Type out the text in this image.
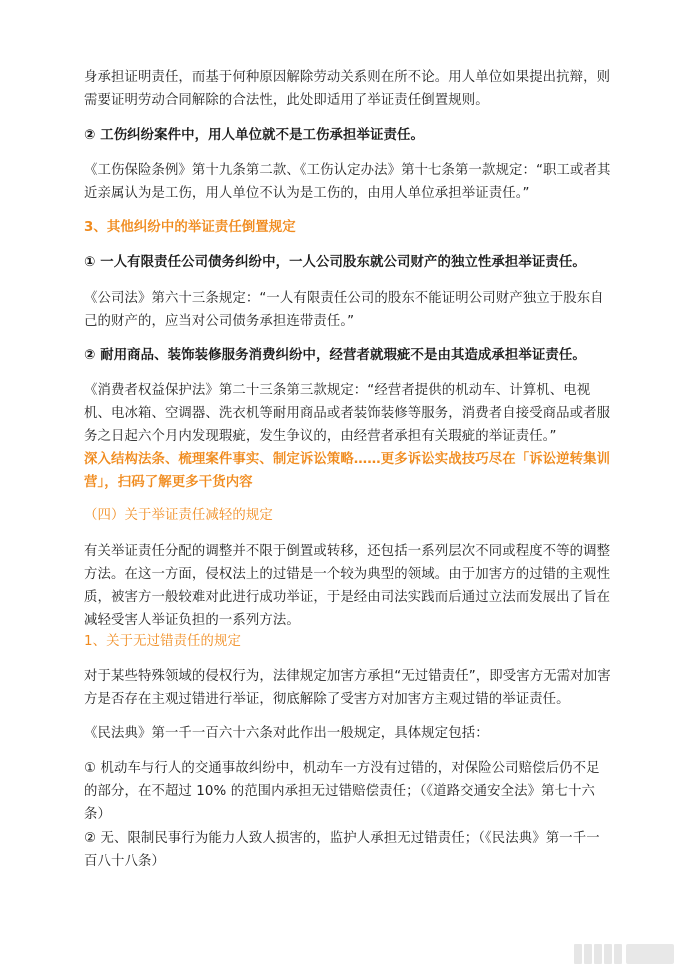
身承担证明责任，而基于何种原因解除劳动关系则在所不论。用人单位如果提出抗辩，则需要证明劳动合同解除的合法性，此处即适用了举证责任倒置规则。
② 工伤纠纷案件中，用人单位就不是工伤承担举证责任。
《工伤保险条例》第十九条第二款、《工伤认定办法》第十七条第一款规定：“职工或者其近亲属认为是工伤，用人单位不认为是工伤的，由用人单位承担举证责任。”
3、其他纠纷中的举证责任倒置规定
① 一人有限责任公司债务纠纷中，一人公司股东就公司财产的独立性承担举证责任。
《公司法》第六十三条规定：“一人有限责任公司的股东不能证明公司财产独立于股东自己的财产的，应当对公司债务承担连带责任。”
② 耐用商品、装饰装修服务消费纠纷中，经营者就瑕疵不是由其造成承担举证责任。
《消费者权益保护法》第二十三条第三款规定：“经营者提供的机动车、计算机、电视机、电冰箱、空调器、洗衣机等耐用商品或者装饰装修等服务，消费者自接受商品或者服务之日起六个月内发现瑕疵，发生争议的，由经营者承担有关瑕疵的举证责任。”
深入结构法条、梳理案件事实、制定诉讼策略……更多诉讼实战技巧尽在「诉讼逆转集训营」，扫码了解更多干货内容
（四）关于举证责任减轻的规定
有关举证责任分配的调整并不限于倒置或转移，还包括一系列层次不同或程度不等的调整方法。在这一方面，侵权法上的过错是一个较为典型的领域。由于加害方的过错的主观性质，被害方一般较难对此进行成功举证，于是经由司法实践而后通过立法而发展出了旨在减轻受害人举证负担的一系列方法。
1、关于无过错责任的规定
对于某些特殊领域的侵权行为，法律规定加害方承担“无过错责任”，即受害方无需对加害方是否存在主观过错进行举证，彻底解除了受害方对加害方主观过错的举证责任。
《民法典》第一千一百六十六条对此作出一般规定，具体规定包括：
① 机动车与行人的交通事故纠纷中，机动车一方没有过错的，对保险公司赔偿后仍不足的部分，在不超过 10% 的范围内承担无过错赔偿责任；（《道路交通安全法》第七十六条）
② 无、限制民事行为能力人致人损害的，监护人承担无过错责任；（《民法典》第一千一百八十八条）
